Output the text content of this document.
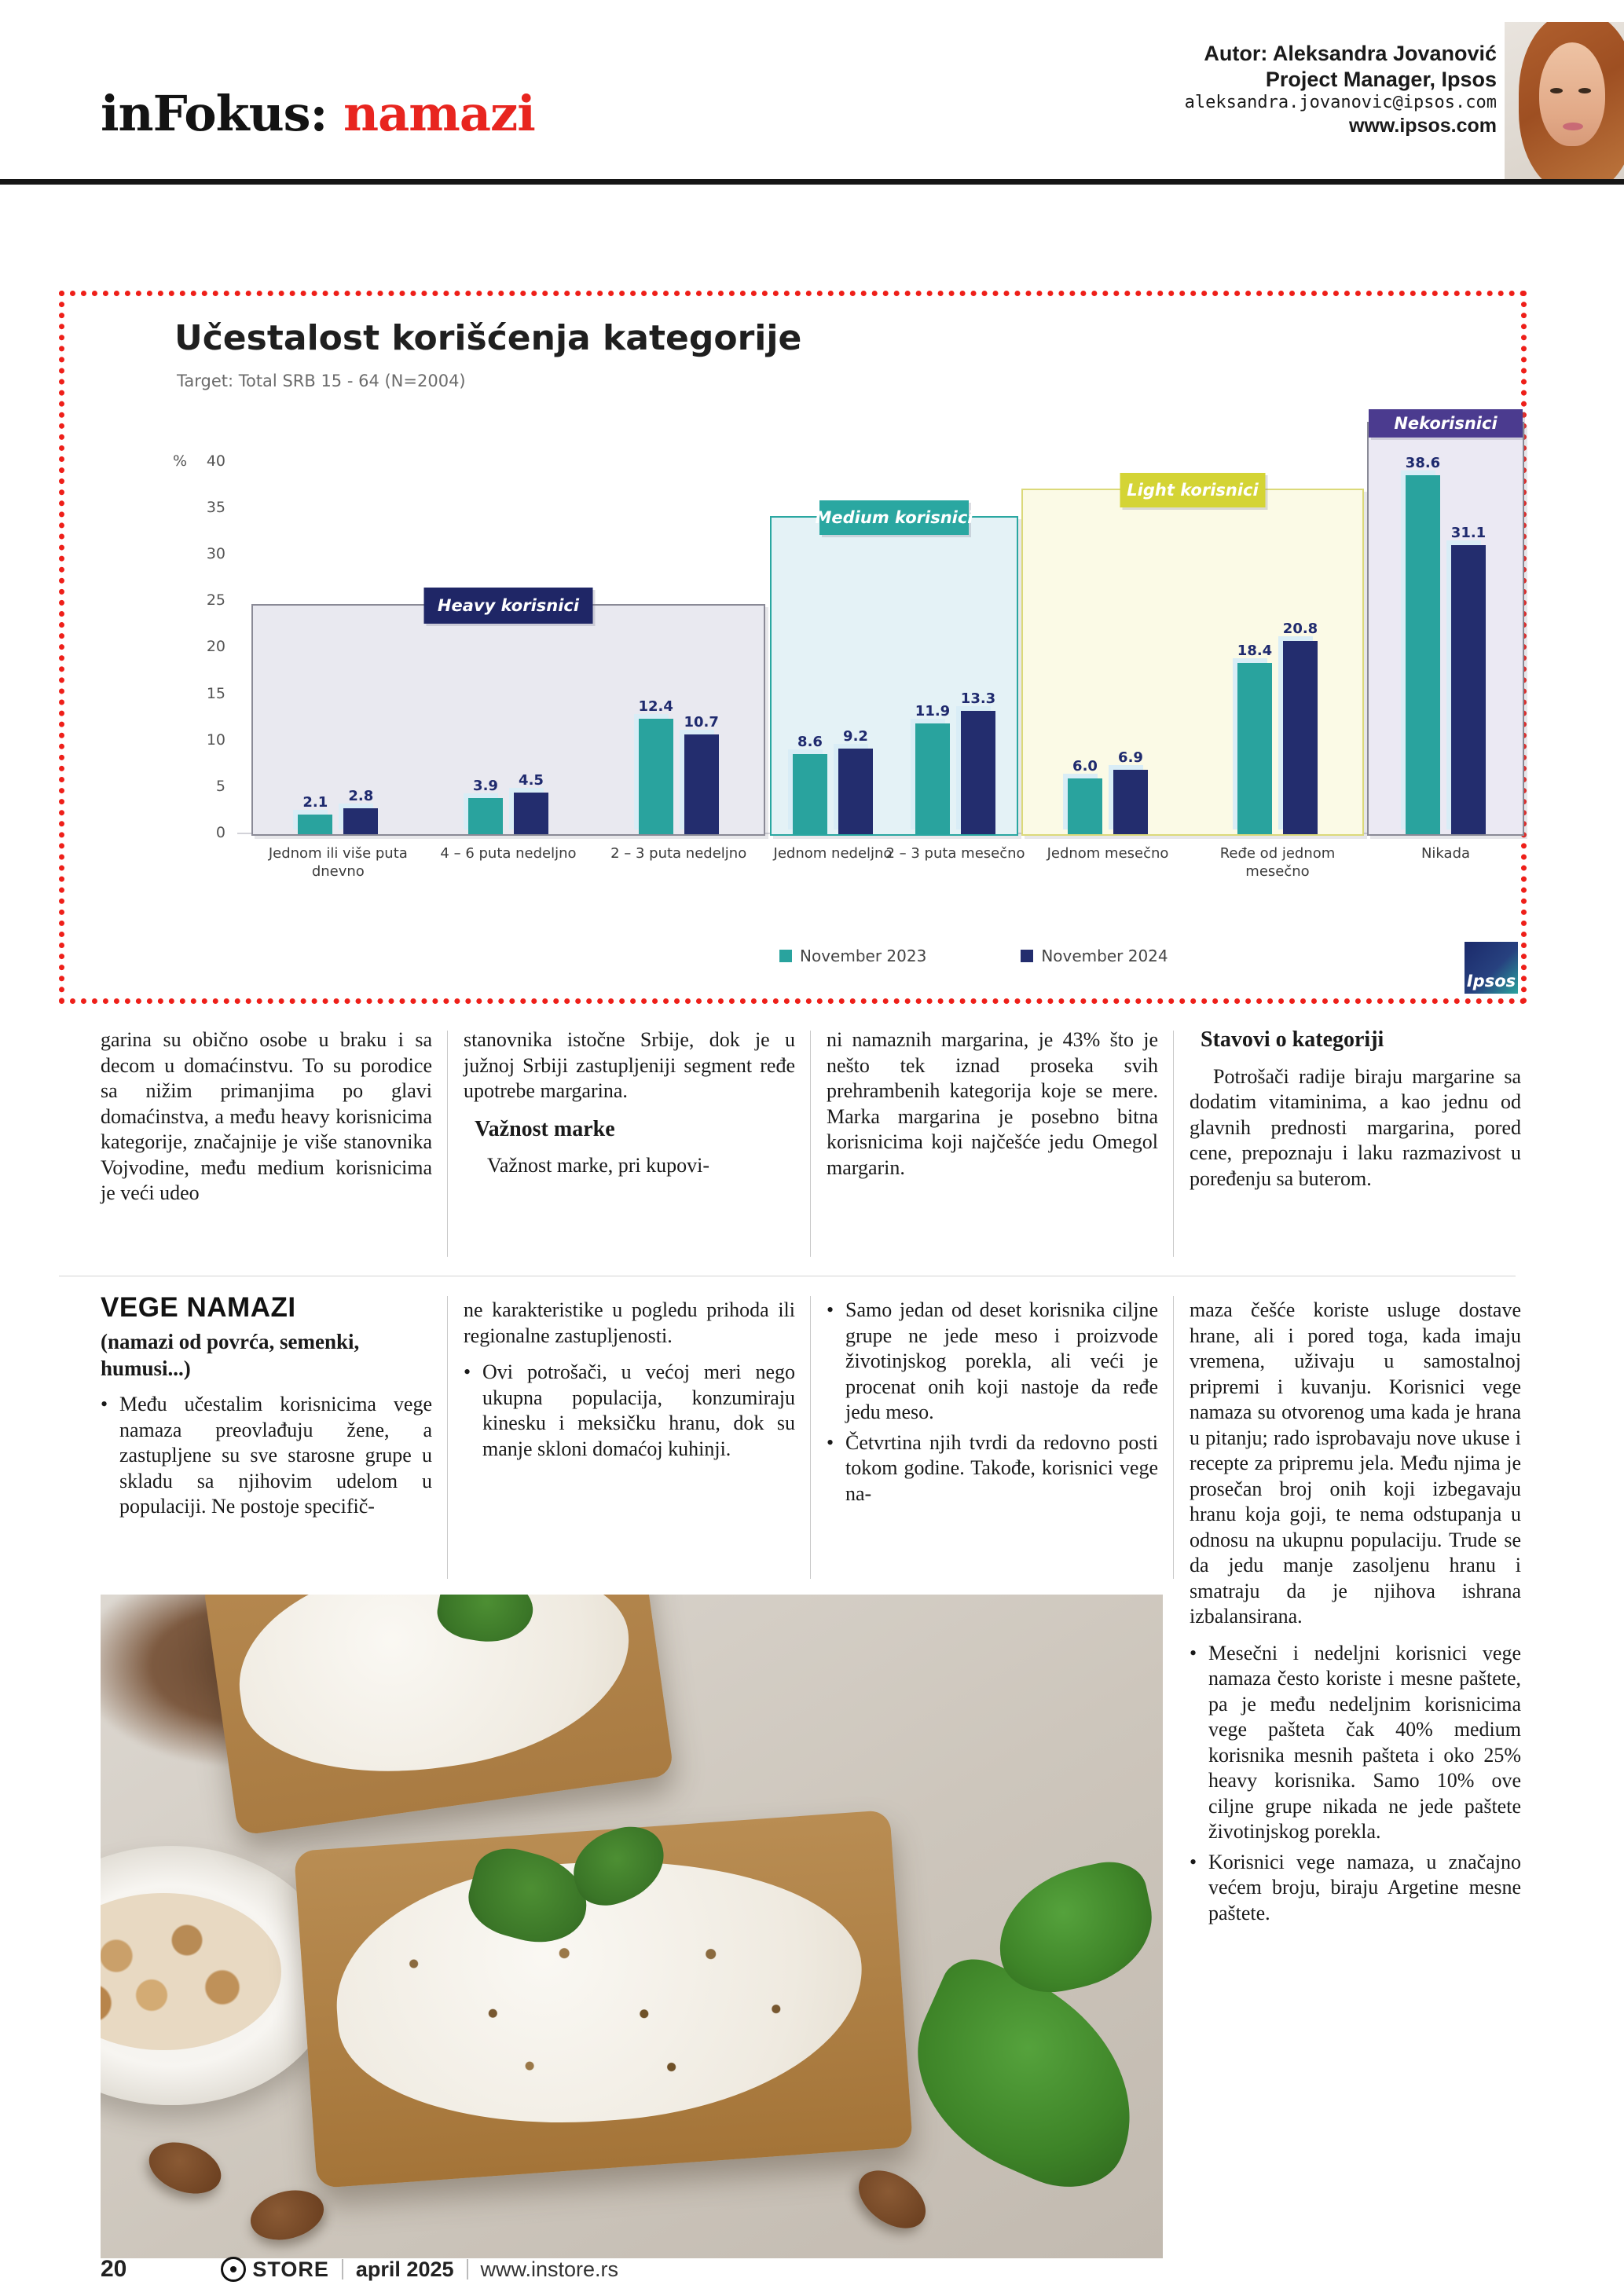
inFokus: namazi
Autor: Aleksandra Jovanović
Project Manager, Ipsos
aleksandra.jovanovic@ipsos.com
www.ipsos.com
Učestalost korišćenja kategorije
Target: Total SRB 15 - 64 (N=2004)
%	40
35
30
25
20
15
10
5
0
Heavy korisnici
2.1 2.8
Jednom ili više puta dnevno
3.9 4.5
4 – 6 puta nedeljno
12.4
10.7
2 – 3 puta nedeljno
Medium korisnici
8.6 9.2
Jednom nedeljno
11.9
13.3
2 – 3 puta mesečno
Light korisnici
6.0
6.9
Jednom mesečno
18.4
20.8
Ređe od jednom mesečno
Nekorisnici
38.6
31.1
Nikada
November 2023	November 2024
Ipsos
garina su obično osobe u braku i sa decom u domaćinstvu. To su porodice sa nižim primanjima po glavi domaćinstva, a među heavy korisnicima kategorije, značajnije je više stanovnika Vojvodine, među medium korisnicima je veći udeo
stanovnika istočne Srbije, dok je u južnoj Srbiji zastupljeniji segment ređe upotrebe margarina.
Važnost marke
Važnost marke, pri kupovi-
ni namaznih margarina, je 43% što je nešto tek iznad proseka svih prehrambenih kategorija koje se mere. Marka margarina je posebno bitna korisnicima koji najčešće jedu Omegol margarin.
Stavovi o kategoriji
Potrošači radije biraju margarine sa dodatim vitaminima, a kao jednu od glavnih prednosti margarina, pored cene, prepoznaju i laku razmazivost u poređenju sa buterom.
VEGE NAMAZI
(namazi od povrća, semenki, humusi...)
• Među učestalim korisnicima vege namaza preovlađuju žene, a zastupljene su sve starosne grupe u skladu sa njihovim udelom u populaciji. Ne postoje specifič-
ne karakteristike u pogledu prihoda ili regionalne zastupljenosti.
• Ovi potrošači, u većoj meri nego ukupna populacija, konzumiraju kinesku i meksičku hranu, dok su manje skloni domaćoj kuhinji.
• Samo jedan od deset korisnika ciljne grupe ne jede meso i proizvode životinjskog porekla, ali veći je procenat onih koji nastoje da ređe jedu meso.
• Četvrtina njih tvrdi da redovno posti tokom godine. Takođe, korisnici vege na-
maza češće koriste usluge dostave hrane, ali i pored toga, kada imaju vremena, uživaju u samostalnoj pripremi i kuvanju. Korisnici vege namaza su otvorenog uma kada je hrana u pitanju; rado isprobavaju nove ukuse i recepte za pripremu jela. Među njima je prosečan broj onih koji izbegavaju hranu koja goji, te nema odstupanja u odnosu na ukupnu populaciju. Trude se da jedu manje zasoljenu hranu i smatraju da je njihova ishrana izbalansirana.
• Mesečni i nedeljni korisnici vege namaza često koriste i mesne paštete, pa je među nedeljnim korisnicima vege pašteta čak 40% medium korisnika mesnih pašteta i oko 25% heavy korisnika. Samo 10% ove ciljne grupe nikada ne jede paštete životinjskog porekla.
• Korisnici vege namaza, u značajno većem broju, biraju Argetine mesne paštete.
20	STORE april 2025 www.instore.rs
